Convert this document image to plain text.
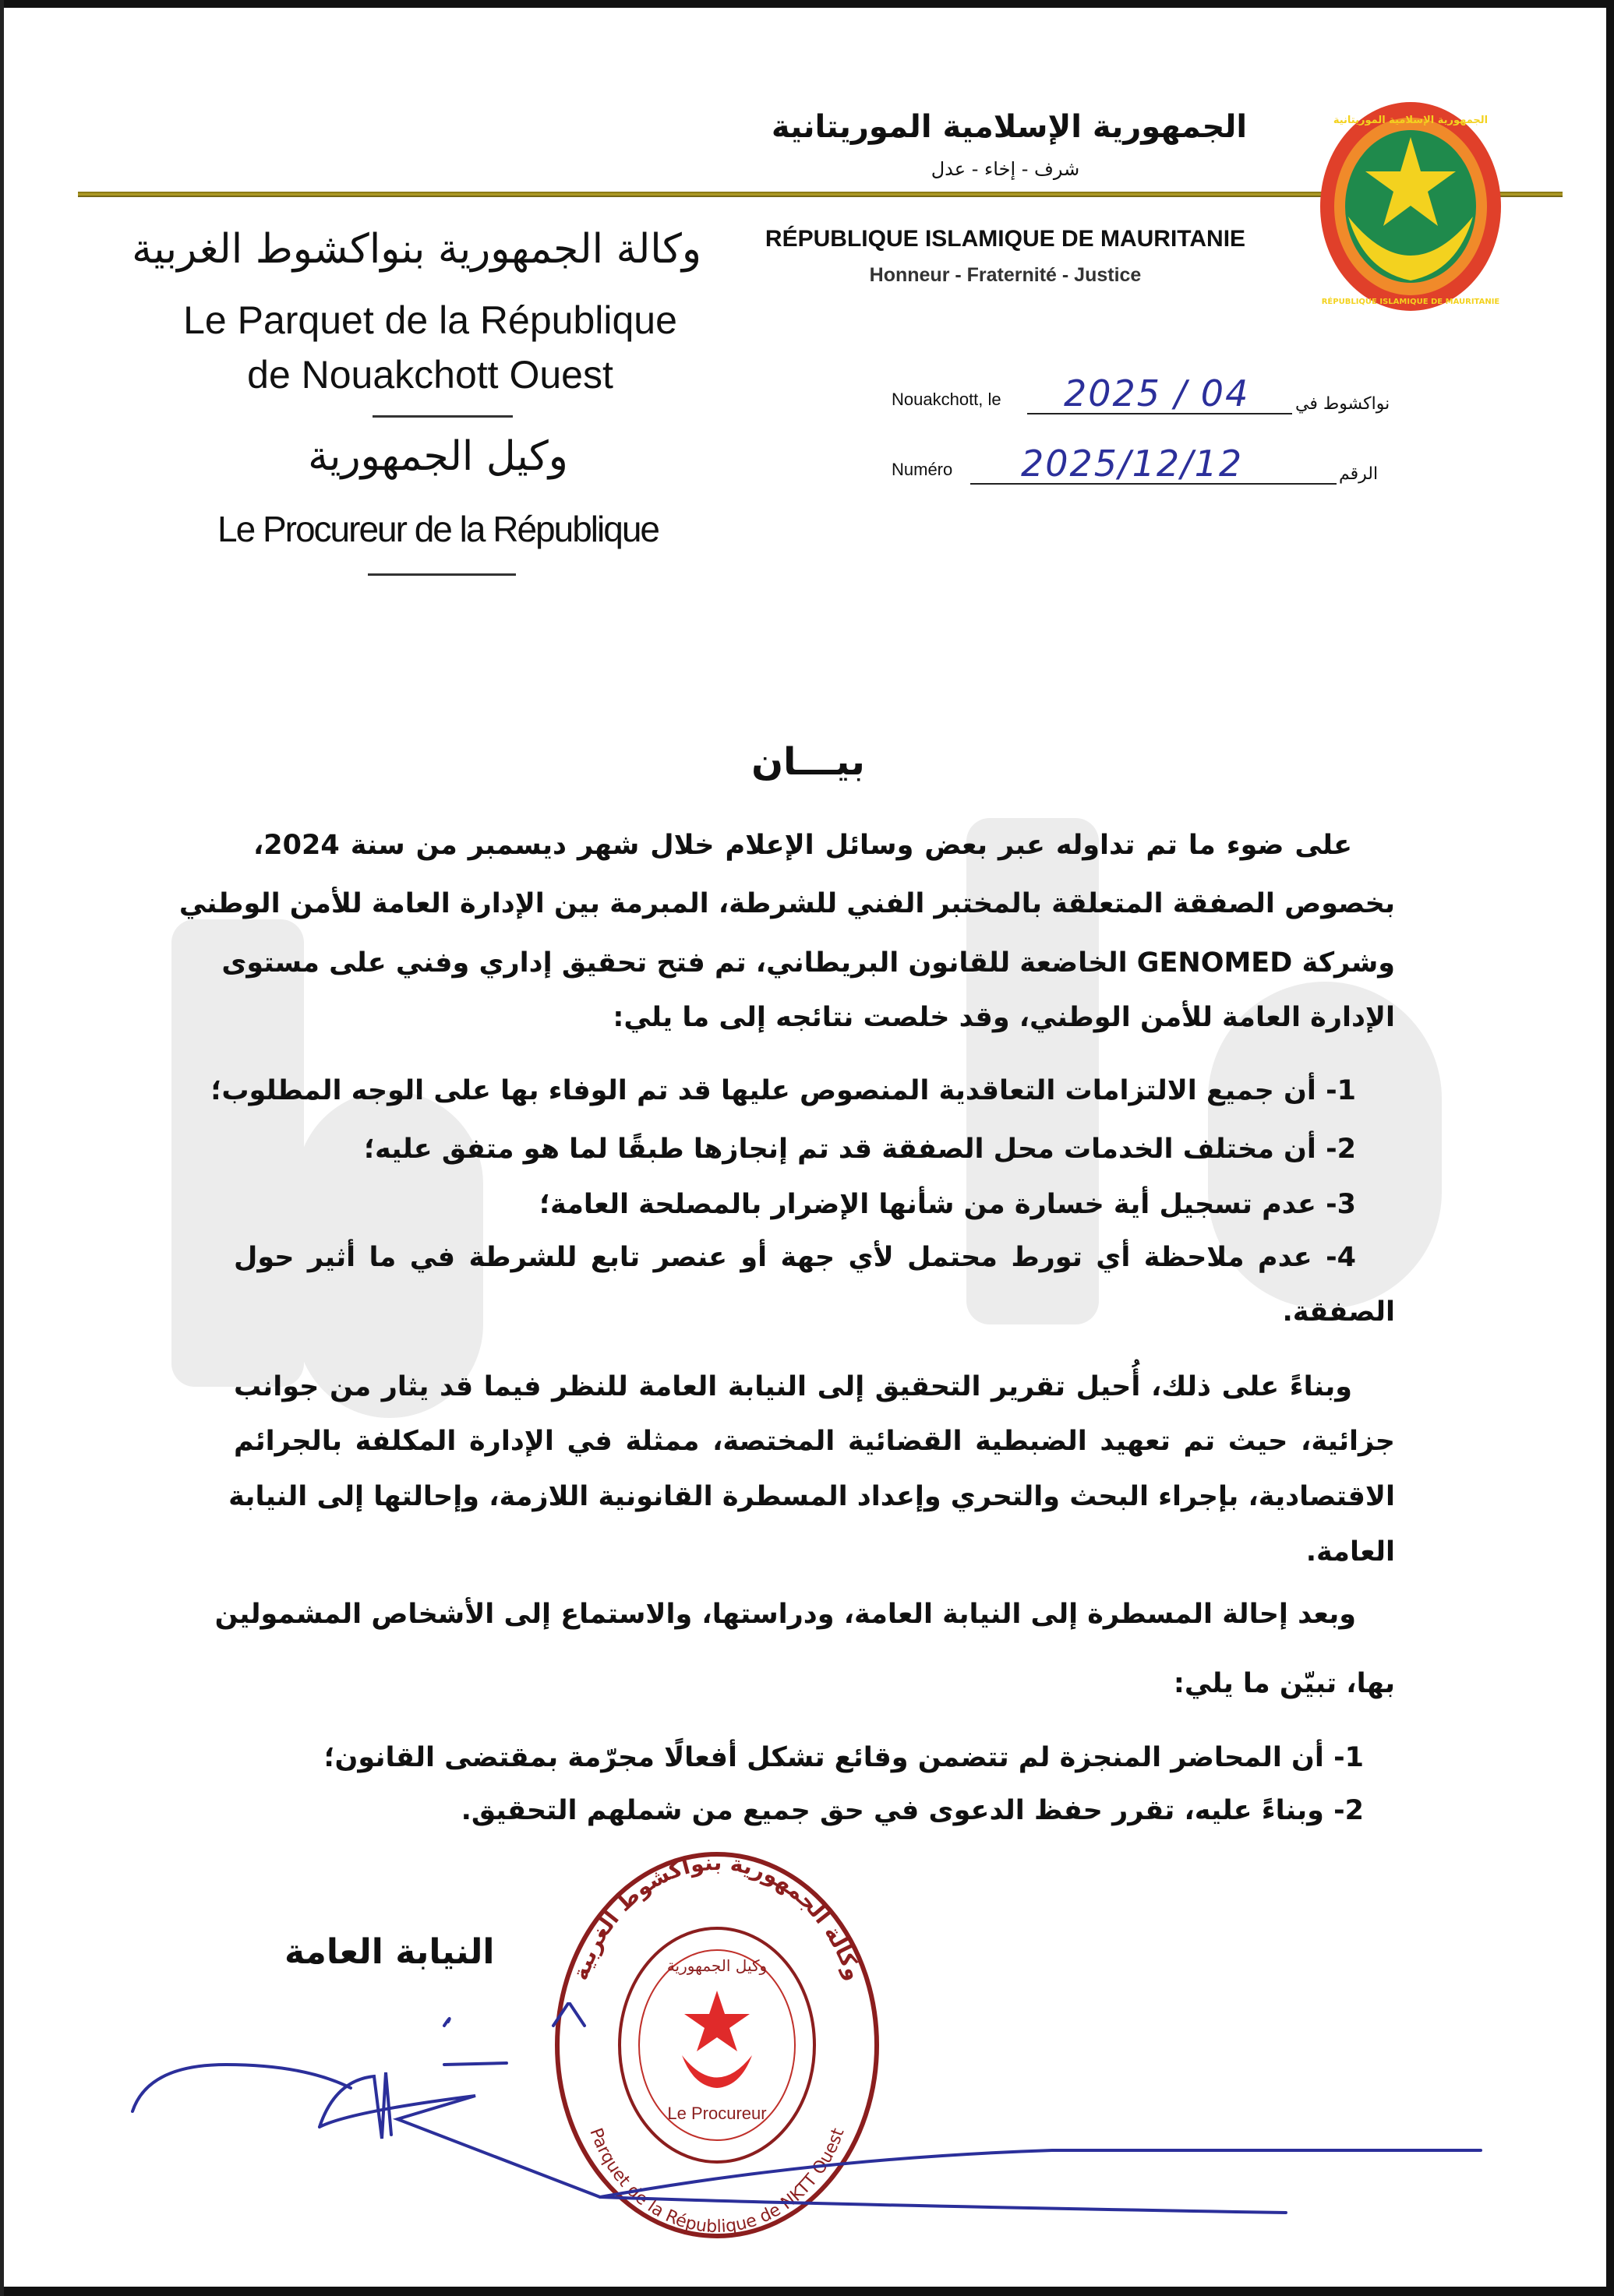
الجمهورية الإسلامية الموريتانية
شرف - إخاء - عدل
RÉPUBLIQUE ISLAMIQUE DE MAURITANIE
Honneur - Fraternité - Justice
الجمهورية الإسلامية الموريتانية
RÉPUBLIQUE ISLAMIQUE DE MAURITANIE
وكالة الجمهورية بنواكشوط الغربية
Le Parquet de la République
de Nouakchott Ouest
وكيل الجمهورية
Le Procureur de la République
Nouakchott, le 2025 / 04	نواكشوط في
Numéro 2025/12/12	الرقم
بيـــان
على ضوء ما تم تداوله عبر بعض وسائل الإعلام خلال شهر ديسمبر من سنة 2024،
بخصوص الصفقة المتعلقة بالمختبر الفني للشرطة، المبرمة بين الإدارة العامة للأمن الوطني
وشركة GENOMED الخاضعة للقانون البريطاني، تم فتح تحقيق إداري وفني على مستوى
الإدارة العامة للأمن الوطني، وقد خلصت نتائجه إلى ما يلي:
1- أن جميع الالتزامات التعاقدية المنصوص عليها قد تم الوفاء بها على الوجه المطلوب؛
2- أن مختلف الخدمات محل الصفقة قد تم إنجازها طبقًا لما هو متفق عليه؛
3- عدم تسجيل أية خسارة من شأنها الإضرار بالمصلحة العامة؛
4- عدم ملاحظة أي تورط محتمل لأي جهة أو عنصر تابع للشرطة في ما أثير حول
الصفقة.
وبناءً على ذلك، أُحيل تقرير التحقيق إلى النيابة العامة للنظر فيما قد يثار من جوانب
جزائية، حيث تم تعهيد الضبطية القضائية المختصة، ممثلة في الإدارة المكلفة بالجرائم
الاقتصادية، بإجراء البحث والتحري وإعداد المسطرة القانونية اللازمة، وإحالتها إلى النيابة
العامة.
وبعد إحالة المسطرة إلى النيابة العامة، ودراستها، والاستماع إلى الأشخاص المشمولين
بها، تبيّن ما يلي:
1- أن المحاضر المنجزة لم تتضمن وقائع تشكل أفعالًا مجرّمة بمقتضى القانون؛
2- وبناءً عليه، تقرر حفظ الدعوى في حق جميع من شملهم التحقيق.
النيابة العامة
وكالة الجمهورية بنواكشوط الغربية
Parquet de la République de NKTT Ouest
Le Procureur
وكيل الجمهورية
